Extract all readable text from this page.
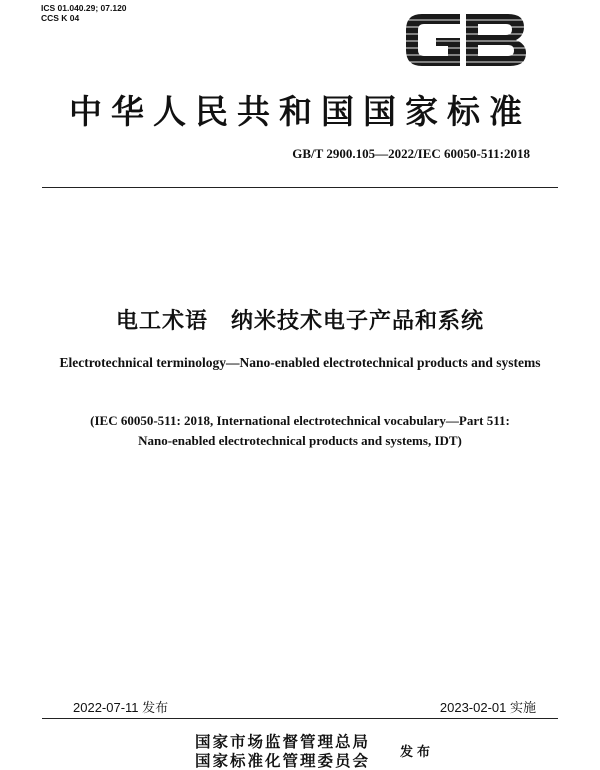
ICS 01.040.29; 07.120
CCS K 04
中华人民共和国国家标准
GB/T 2900.105—2022/IEC 60050-511:2018
电工术语　纳米技术电子产品和系统
Electrotechnical terminology—Nano-enabled electrotechnical products and systems
(IEC 60050-511: 2018, International electrotechnical vocabulary—Part 511:
Nano-enabled electrotechnical products and systems, IDT)
2022-07-11 发布	2023-02-01 实施
国家市场监督管理总局
国家标准化管理委员会 发布
